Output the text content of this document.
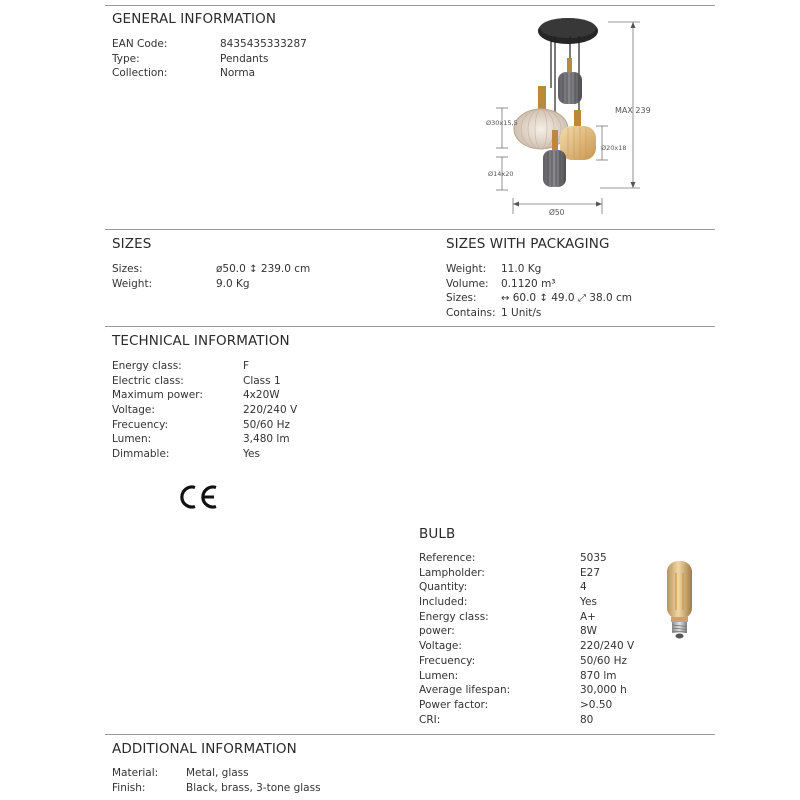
GENERAL INFORMATION
EAN Code:	8435435333287
Type:	Pendants
Collection:	Norma
MAX 239
Ø30x15,5
Ø20x18
Ø14x20
Ø50
SIZES
Sizes:	ø50.0 ↕ 239.0 cm
Weight:	9.0 Kg
SIZES WITH PACKAGING
Weight: 11.0 Kg
Volume: 0.1120 m³
Sizes: ↔ 60.0 ↕ 49.0 ⤢ 38.0 cm
Contains: 1 Unit/s
TECHNICAL INFORMATION
Energy class:	F
Electric class:	Class 1
Maximum power:	4x20W
Voltage:	220/240 V
Frecuency:	50/60 Hz
Lumen:	3,480 lm
Dimmable:	Yes
BULB
Reference:	5035
Lampholder:	E27
Quantity:	4
Included:	Yes
Energy class:	A+
power:	8W
Voltage:	220/240 V
Frecuency:	50/60 Hz
Lumen:	870 lm
Average lifespan:	30,000 h
Power factor:	>0.50
CRI:	80
ADDITIONAL INFORMATION
Material:	Metal, glass
Finish:	Black, brass, 3-tone glass
